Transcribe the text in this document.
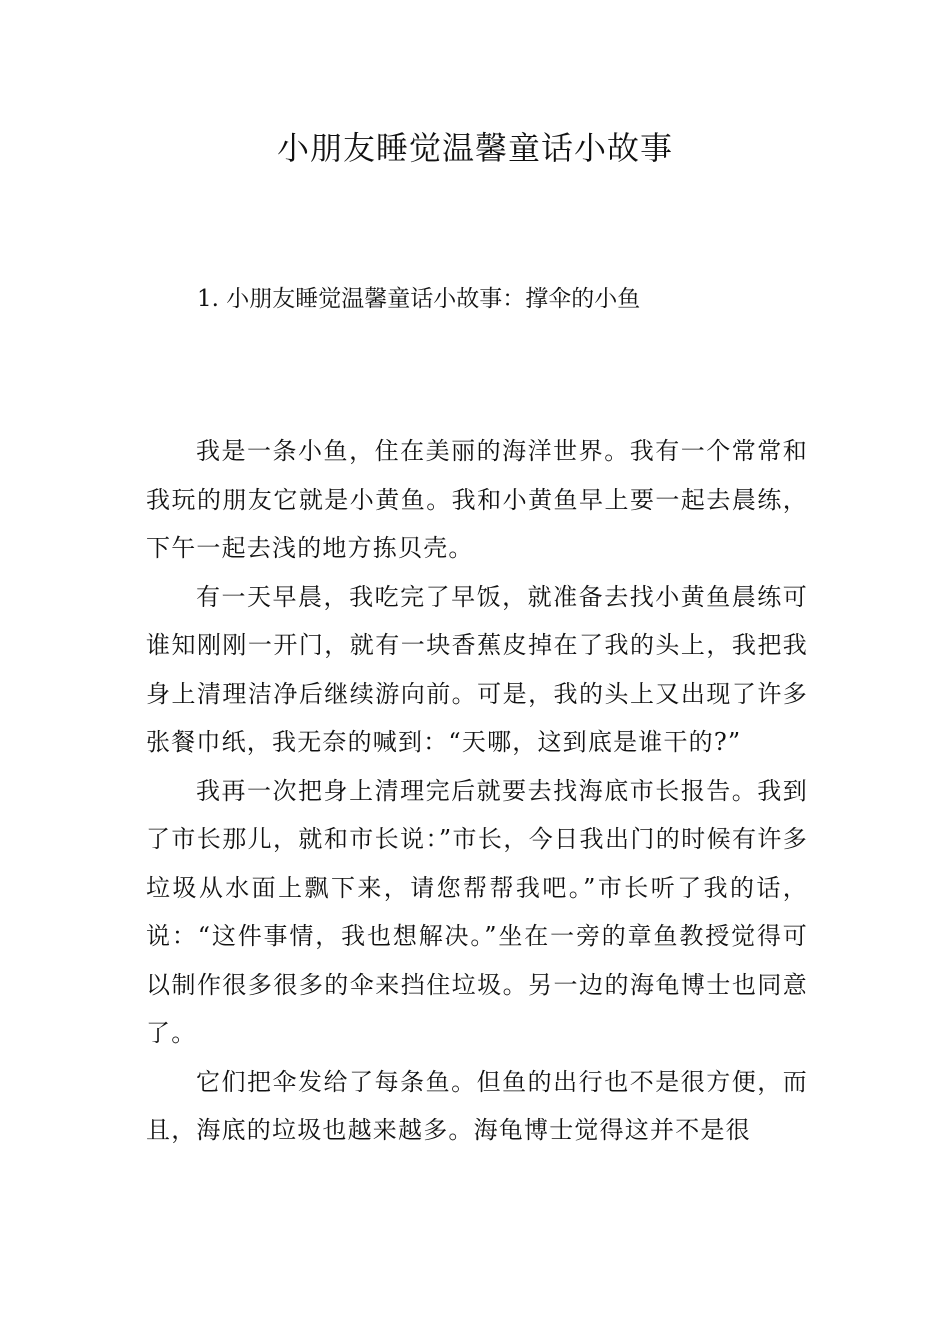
小朋友睡觉温馨童话小故事
1. 小朋友睡觉温馨童话小故事：撑伞的小鱼

我是一条小鱼，住在美丽的海洋世界。我有一个常常和我玩的朋友它就是小黄鱼。我和小黄鱼早上要一起去晨练，下午一起去浅的地方拣贝壳。

有一天早晨，我吃完了早饭，就准备去找小黄鱼晨练可谁知刚刚一开门，就有一块香蕉皮掉在了我的头上，我把我身上清理洁净后继续游向前。可是，我的头上又出现了许多张餐巾纸，我无奈的喊到：“天哪，这到底是谁干的?”

我再一次把身上清理完后就要去找海底市长报告。我到了市长那儿，就和市长说：”市长，今日我出门的时候有许多垃圾从水面上飘下来，请您帮帮我吧。”市长听了我的话，说：“这件事情，我也想解决。”坐在一旁的章鱼教授觉得可以制作很多很多的伞来挡住垃圾。另一边的海龟博士也同意了。

它们把伞发给了每条鱼。但鱼的出行也不是很方便，而且，海底的垃圾也越来越多。海龟博士觉得这并不是很
